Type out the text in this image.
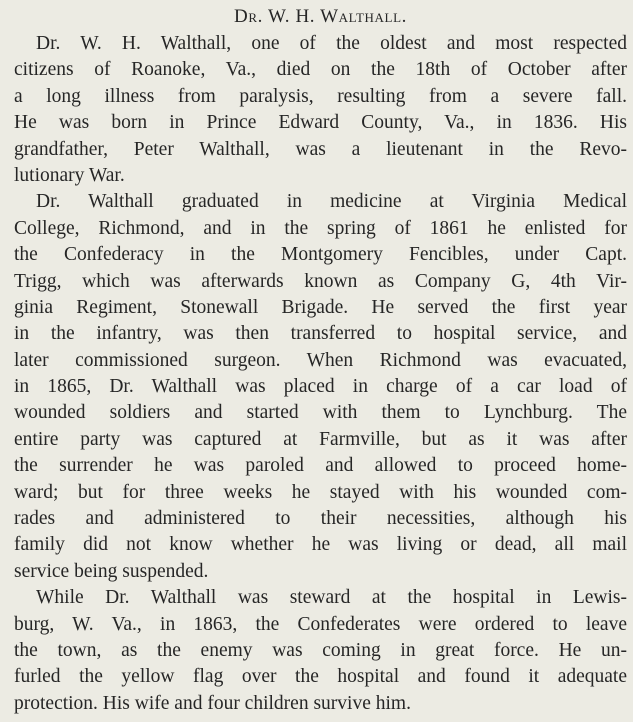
Dr. W. H. Walthall.
Dr. W. H. Walthall, one of the oldest and most respected
citizens of Roanoke, Va., died on the 18th of October after
a long illness from paralysis, resulting from a severe fall.
He was born in Prince Edward County, Va., in 1836. His
grandfather, Peter Walthall, was a lieutenant in the Revo-
lutionary War.
Dr. Walthall graduated in medicine at Virginia Medical
College, Richmond, and in the spring of 1861 he enlisted for
the Confederacy in the Montgomery Fencibles, under Capt.
Trigg, which was afterwards known as Company G, 4th Vir-
ginia Regiment, Stonewall Brigade. He served the first year
in the infantry, was then transferred to hospital service, and
later commissioned surgeon. When Richmond was evacuated,
in 1865, Dr. Walthall was placed in charge of a car load of
wounded soldiers and started with them to Lynchburg. The
entire party was captured at Farmville, but as it was after
the surrender he was paroled and allowed to proceed home-
ward; but for three weeks he stayed with his wounded com-
rades and administered to their necessities, although his
family did not know whether he was living or dead, all mail
service being suspended.
While Dr. Walthall was steward at the hospital in Lewis-
burg, W. Va., in 1863, the Confederates were ordered to leave
the town, as the enemy was coming in great force. He un-
furled the yellow flag over the hospital and found it adequate
protection. His wife and four children survive him.
